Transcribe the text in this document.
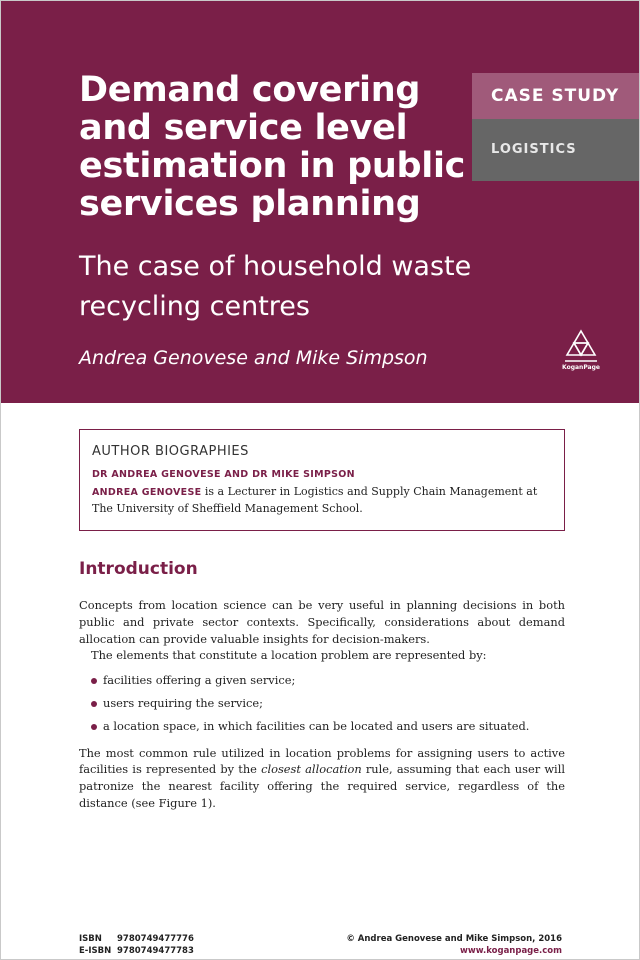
Demand covering and service level estimation in public services planning
The case of household waste recycling centres
Andrea Genovese and Mike Simpson
CASE STUDY
LOGISTICS
KoganPage
AUTHOR BIOGRAPHIES
DR ANDREA GENOVESE AND DR MIKE SIMPSON

ANDREA GENOVESE is a Lecturer in Logistics and Supply Chain Management at The University of Sheffield Management School.

Introduction

Concepts from location science can be very useful in planning decisions in both public and private sector contexts. Specifically, considerations about demand allocation can provide valuable insights for decision-makers.

The elements that constitute a location problem are represented by:

facilities offering a given service;
users requiring the service;
a location space, in which facilities can be located and users are situated.

The most common rule utilized in location problems for assigning users to active facilities is represented by the closest allocation rule, assuming that each user will patronize the nearest facility offering the required service, regardless of the distance (see Figure 1).

ISBN 9780749477776
E-ISBN 9780749477783
© Andrea Genovese and Mike Simpson, 2016
www.koganpage.com
